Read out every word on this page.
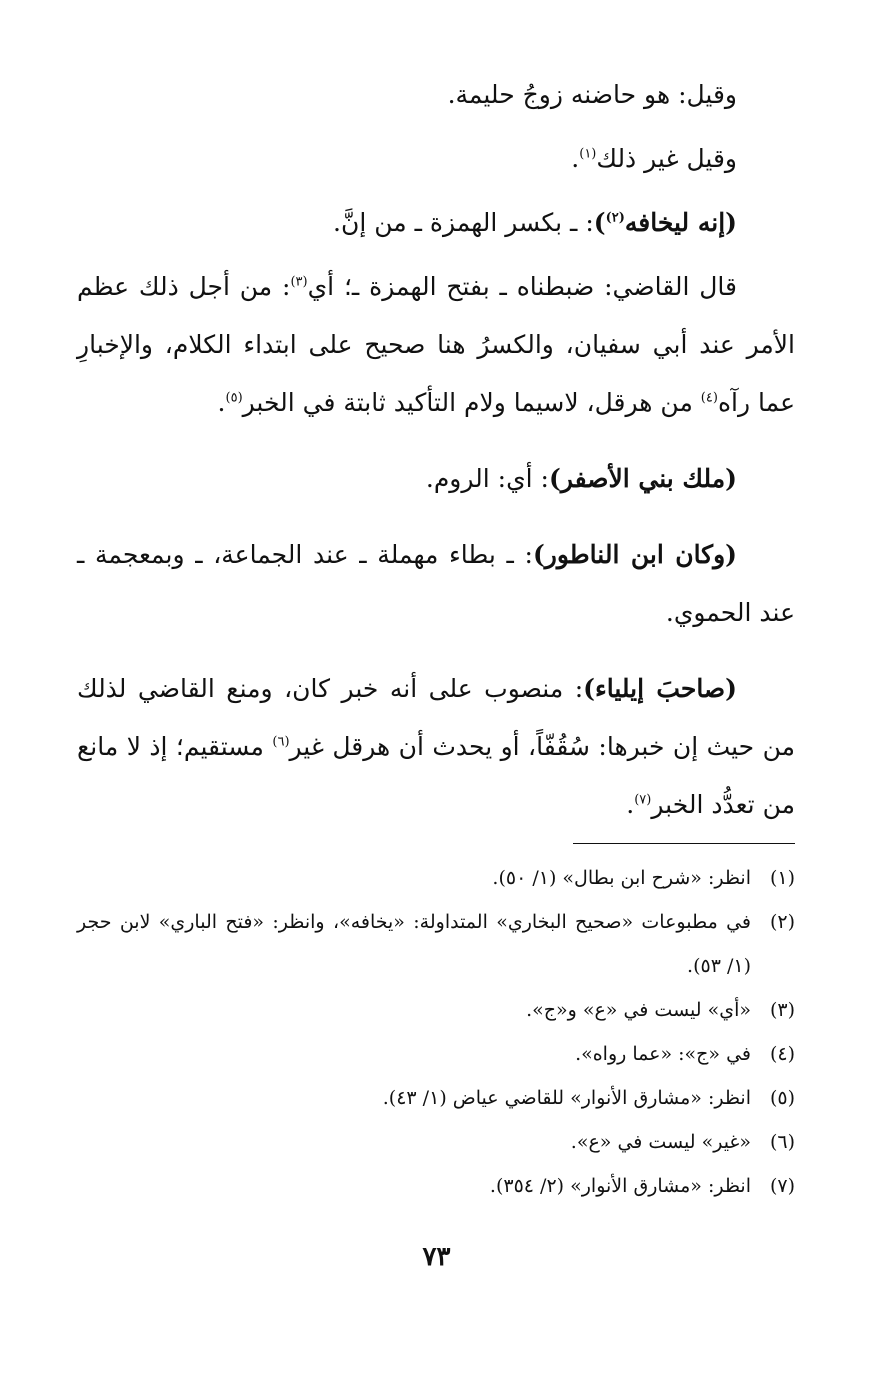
وقيل: هو حاضنه زوجُ حليمة.

وقيل غير ذلك$^{(١)}$.

(إنه ليخافه$^{(٢)}$): ـ بكسر الهمزة ـ من إنَّ.

قال القاضي: ضبطناه ـ بفتح الهمزة ـ؛ أي$^{(٣)}$: من أجل ذلك عظم الأمر عند أبي سفيان، والكسرُ هنا صحيح على ابتداء الكلام، والإخبارِ عما رآه$^{(٤)}$ من هرقل، لاسيما ولام التأكيد ثابتة في الخبر$^{(٥)}$.

(ملك بني الأصفر): أي: الروم.

(وكان ابن الناطور): ـ بطاء مهملة ـ عند الجماعة، ـ وبمعجمة ـ عند الحموي.

(صاحبَ إيلياء): منصوب على أنه خبر كان، ومنع القاضي لذلك من حيث إن خبرها: سُقُفّاً، أو يحدث أن هرقل غير$^{(٦)}$ مستقيم؛ إذ لا مانع من تعدُّد الخبر$^{(٧)}$.

(١)
انظر: «شرح ابن بطال» (١/ ٥٠).
(٢)
في مطبوعات «صحيح البخاري» المتداولة: «يخافه»، وانظر: «فتح الباري» لابن حجر (١/ ٥٣).
(٣)
«أي» ليست في «ع» و«ج».
(٤)
في «ج»: «عما رواه».
(٥)
انظر: «مشارق الأنوار» للقاضي عياض (١/ ٤٣).
(٦)
«غير» ليست في «ع».
(٧)
انظر: «مشارق الأنوار» (٢/ ٣٥٤).
٧٣
